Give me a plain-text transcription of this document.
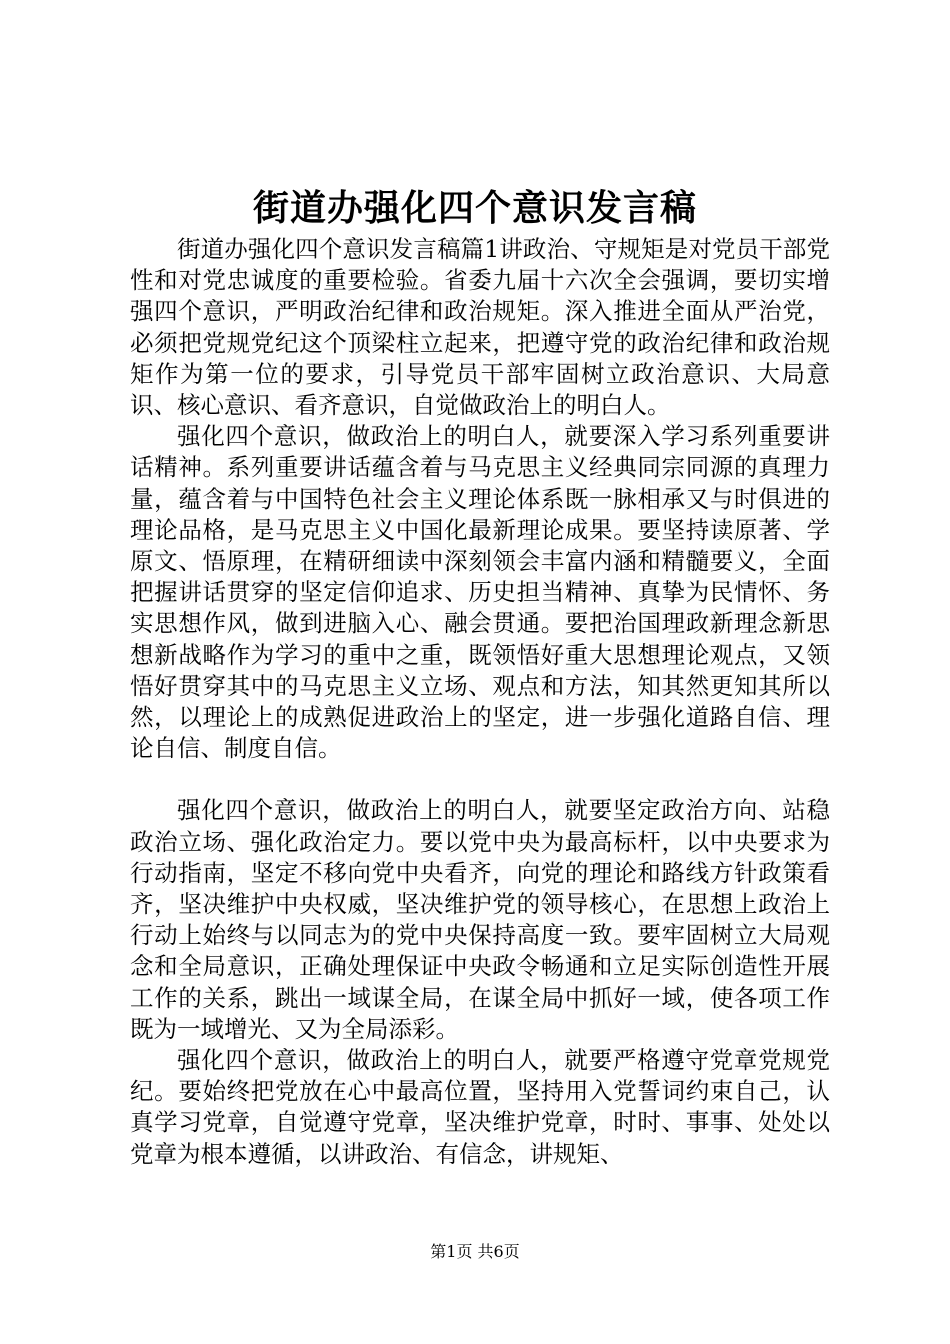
街道办强化四个意识发言稿

街道办强化四个意识发言稿篇1讲政治、守规矩是对党员干部党性和对党忠诚度的重要检验。省委九届十六次全会强调，要切实增强四个意识，严明政治纪律和政治规矩。深入推进全面从严治党，必须把党规党纪这个顶梁柱立起来，把遵守党的政治纪律和政治规矩作为第一位的要求，引导党员干部牢固树立政治意识、大局意识、核心意识、看齐意识，自觉做政治上的明白人。

强化四个意识，做政治上的明白人，就要深入学习系列重要讲话精神。系列重要讲话蕴含着与马克思主义经典同宗同源的真理力量，蕴含着与中国特色社会主义理论体系既一脉相承又与时俱进的理论品格，是马克思主义中国化最新理论成果。要坚持读原著、学原文、悟原理，在精研细读中深刻领会丰富内涵和精髓要义，全面把握讲话贯穿的坚定信仰追求、历史担当精神、真挚为民情怀、务实思想作风，做到进脑入心、融会贯通。要把治国理政新理念新思想新战略作为学习的重中之重，既领悟好重大思想理论观点，又领悟好贯穿其中的马克思主义立场、观点和方法，知其然更知其所以然，以理论上的成熟促进政治上的坚定，进一步强化道路自信、理论自信、制度自信。

强化四个意识，做政治上的明白人，就要坚定政治方向、站稳政治立场、强化政治定力。要以党中央为最高标杆，以中央要求为行动指南，坚定不移向党中央看齐，向党的理论和路线方针政策看齐，坚决维护中央权威，坚决维护党的领导核心，在思想上政治上行动上始终与以同志为的党中央保持高度一致。要牢固树立大局观念和全局意识，正确处理保证中央政令畅通和立足实际创造性开展工作的关系，跳出一域谋全局，在谋全局中抓好一域，使各项工作既为一域增光、又为全局添彩。

强化四个意识，做政治上的明白人，就要严格遵守党章党规党纪。要始终把党放在心中最高位置，坚持用入党誓词约束自己，认真学习党章，自觉遵守党章，坚决维护党章，时时、事事、处处以党章为根本遵循，以讲政治、有信念，讲规矩、

第1页 共6页
